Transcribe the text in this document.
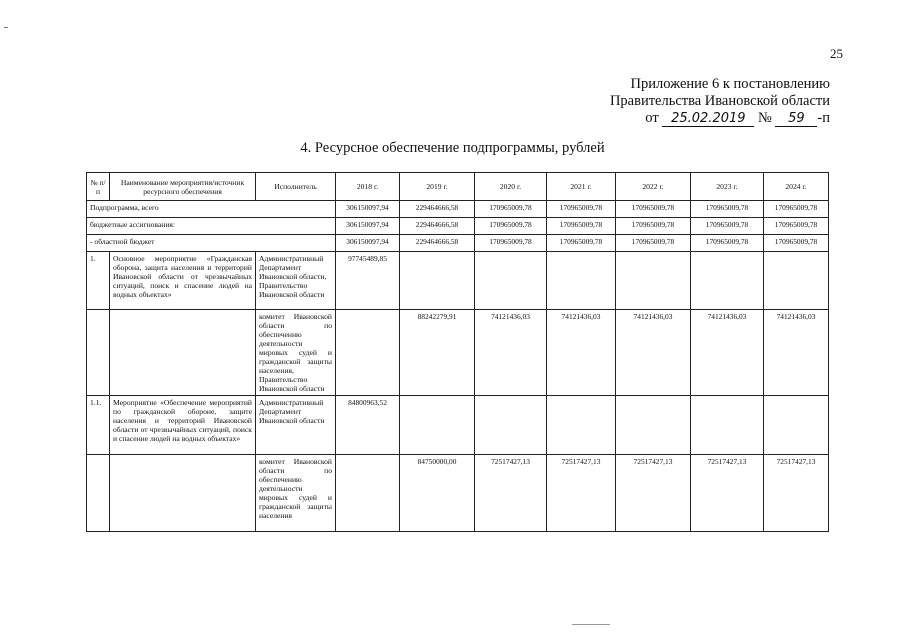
25
Приложение 6 к постановлению
Правительства Ивановской области
от 25.02.2019 № 59 -п
4. Ресурсное обеспечение подпрограммы, рублей
№ п/п	Наименование мероприятия/источник ресурсного обеспечения	Исполнитель	2018 г.	2019 г.	2020 г.	2021 г.	2022 г.	2023 г.	2024 г.
Подпрограмма, всего			306150097,94	229464666,58	170965009,78	170965009,78	170965009,78	170965009,78	170965009,78
бюджетные ассигнования:			306150097,94	229464666,58	170965009,78	170965009,78	170965009,78	170965009,78	170965009,78
- областной бюджет			306150097,94	229464666,58	170965009,78	170965009,78	170965009,78	170965009,78	170965009,78
1.	Основное мероприятие «Гражданская оборона, защита населения и территорий Ивановской области от чрезвычайных ситуаций, поиск и спасение людей на водных объектах»	Административный Департамент Ивановской области, Правительство Ивановской области	97745489,85						
		комитет Ивановской области по обеспечению деятельности мировых судей и гражданской защиты населения, Правительство Ивановской области		88242279,91	74121436,03	74121436,03	74121436,03	74121436,03	74121436,03
1.1.	Мероприятие «Обеспечение мероприятий по гражданской обороне, защите населения и территорий Ивановской области от чрезвычайных ситуаций, поиск и спасение людей на водных объектах»	Административный Департамент Ивановской области	84800963,52						
		комитет Ивановской области по обеспечению деятельности мировых судей и гражданской защиты населения		84750000,00	72517427,13	72517427,13	72517427,13	72517427,13	72517427,13
